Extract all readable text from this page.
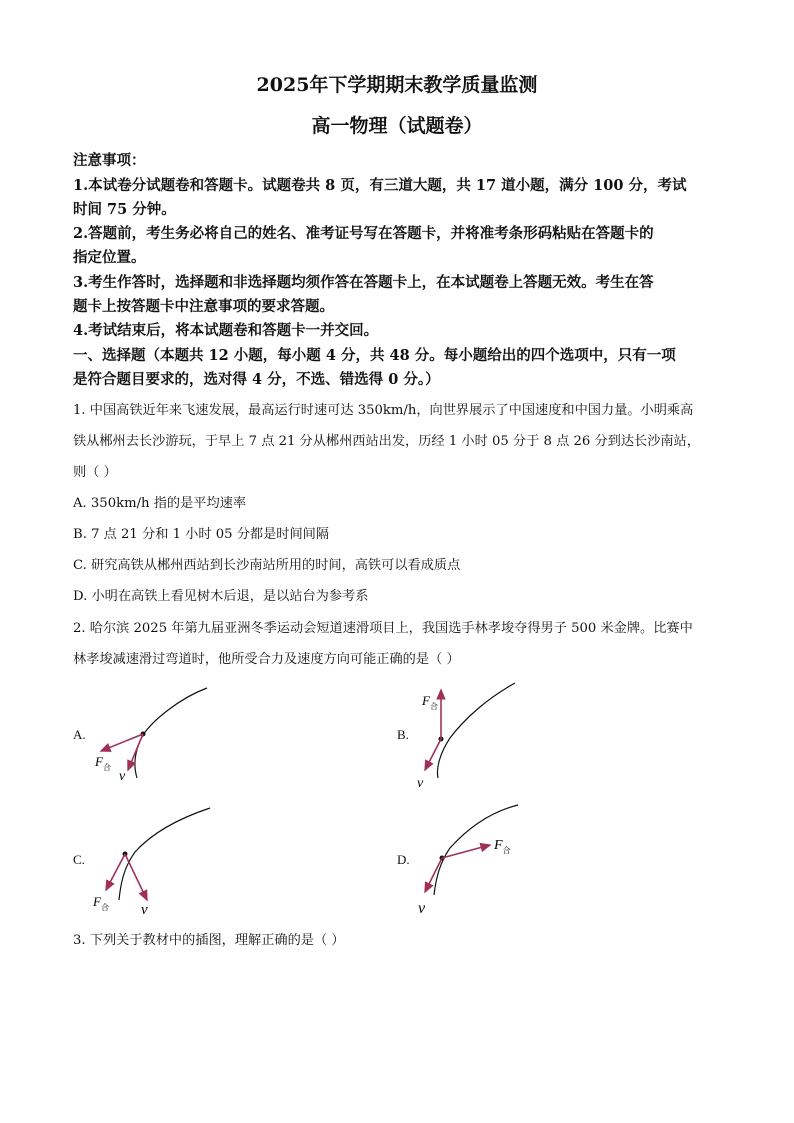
2025年下学期期末教学质量监测
高一物理（试题卷）
注意事项：
1.本试卷分试题卷和答题卡。试题卷共 8 页，有三道大题，共 17 道小题，满分 100 分，考试
时间 75 分钟。
2.答题前，考生务必将自己的姓名、准考证号写在答题卡，并将准考条形码粘贴在答题卡的
指定位置。
3.考生作答时，选择题和非选择题均须作答在答题卡上，在本试题卷上答题无效。考生在答
题卡上按答题卡中注意事项的要求答题。
4.考试结束后，将本试题卷和答题卡一并交回。
一、选择题（本题共 12 小题，每小题 4 分，共 48 分。每小题给出的四个选项中，只有一项
是符合题目要求的，选对得 4 分，不选、错选得 0 分。）
1. 中国高铁近年来飞速发展，最高运行时速可达 350km/h，向世界展示了中国速度和中国力量。小明乘高
铁从郴州去长沙游玩，于早上 7 点 21 分从郴州西站出发，历经 1 小时 05 分于 8 点 26 分到达长沙南站，
则（ ）
A. 350km/h 指的是平均速率
B. 7 点 21 分和 1 小时 05 分都是时间间隔
C. 研究高铁从郴州西站到长沙南站所用的时间，高铁可以看成质点
D. 小明在高铁上看见树木后退，是以站台为参考系
2. 哈尔滨 2025 年第九届亚洲冬季运动会短道速滑项目上，我国选手林孝埈夺得男子 500 米金牌。比赛中
林孝埈减速滑过弯道时，他所受合力及速度方向可能正确的是（ ）
A.
$F_合$
v
B.
$F_合$
v
C.
$F_合$ v
D.
$F_合$
v
3. 下列关于教材中的插图，理解正确的是（ ）
